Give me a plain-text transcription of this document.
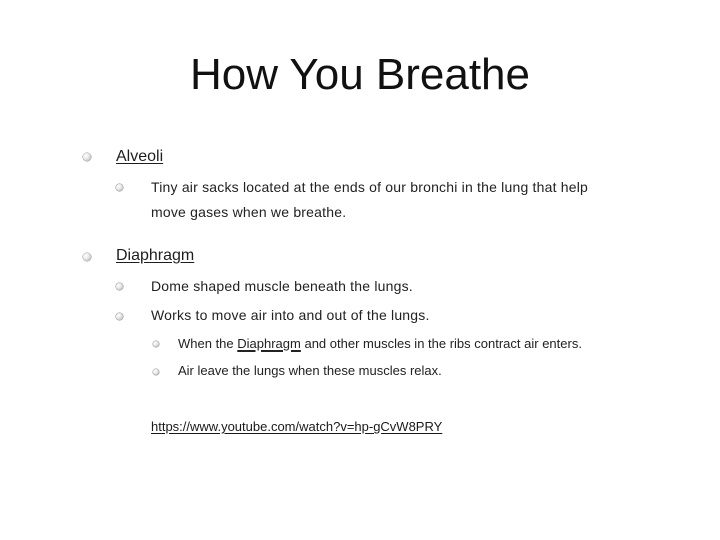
How You Breathe
Alveoli
Tiny air sacks located at the ends of our bronchi in the lung that help
move gases when we breathe.
Diaphragm
Dome shaped muscle beneath the lungs.
Works to move air into and out of the lungs.
When the Diaphragm and other muscles in the ribs contract air enters.
Air leave the lungs when these muscles relax.
https://www.youtube.com/watch?v=hp-gCvW8PRY
